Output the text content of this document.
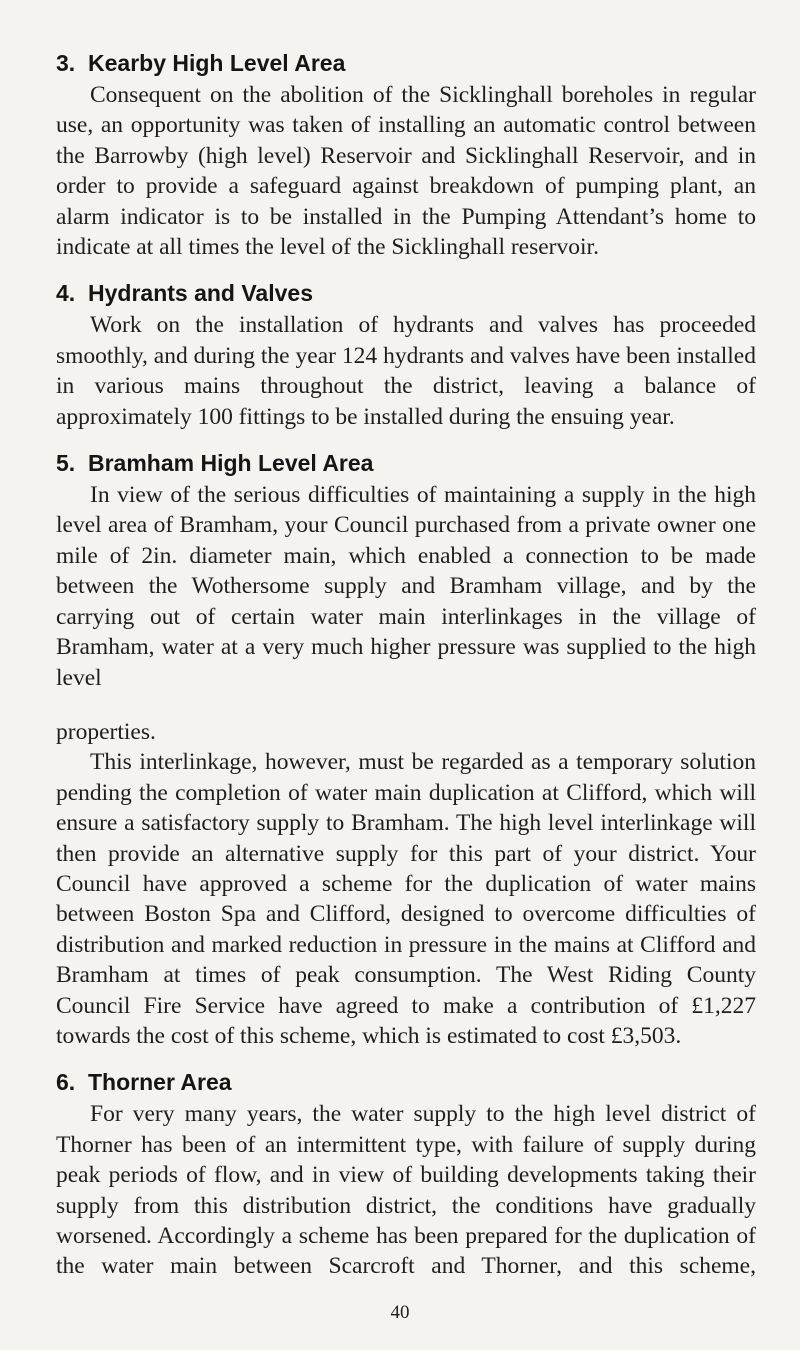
3. Kearby High Level Area

Consequent on the abolition of the Sicklinghall boreholes in regular use, an opportunity was taken of installing an automatic control between the Barrowby (high level) Reservoir and Sicklinghall Reservoir, and in order to provide a safeguard against breakdown of pumping plant, an alarm indicator is to be installed in the Pumping Attendant’s home to indicate at all times the level of the Sicklinghall reservoir.

4. Hydrants and Valves

Work on the installation of hydrants and valves has proceeded smoothly, and during the year 124 hydrants and valves have been installed in various mains throughout the district, leaving a balance of approximately 100 fittings to be installed during the ensuing year.

5. Bramham High Level Area

In view of the serious difficulties of maintaining a supply in the high level area of Bramham, your Council purchased from a private owner one mile of 2in. diameter main, which enabled a connection to be made between the Wothersome supply and Bramham village, and by the carrying out of certain water main interlinkages in the village of Bramham, water at a very much higher pressure was supplied to the high level

properties.

This interlinkage, however, must be regarded as a temporary solution pending the completion of water main duplication at Clifford, which will ensure a satisfactory supply to Bramham. The high level interlinkage will then provide an alternative supply for this part of your district. Your Council have approved a scheme for the duplication of water mains between Boston Spa and Clifford, designed to overcome difficulties of distribution and marked reduction in pressure in the mains at Clifford and Bramham at times of peak consumption. The West Riding County Council Fire Service have agreed to make a contribution of £1,227 towards the cost of this scheme, which is estimated to cost £3,503.

6. Thorner Area

For very many years, the water supply to the high level district of Thorner has been of an intermittent type, with failure of supply during peak periods of flow, and in view of building developments taking their supply from this distribution district, the conditions have gradually worsened. Accordingly a scheme has been prepared for the duplication of the water main between Scarcroft and Thorner, and this scheme,

40
